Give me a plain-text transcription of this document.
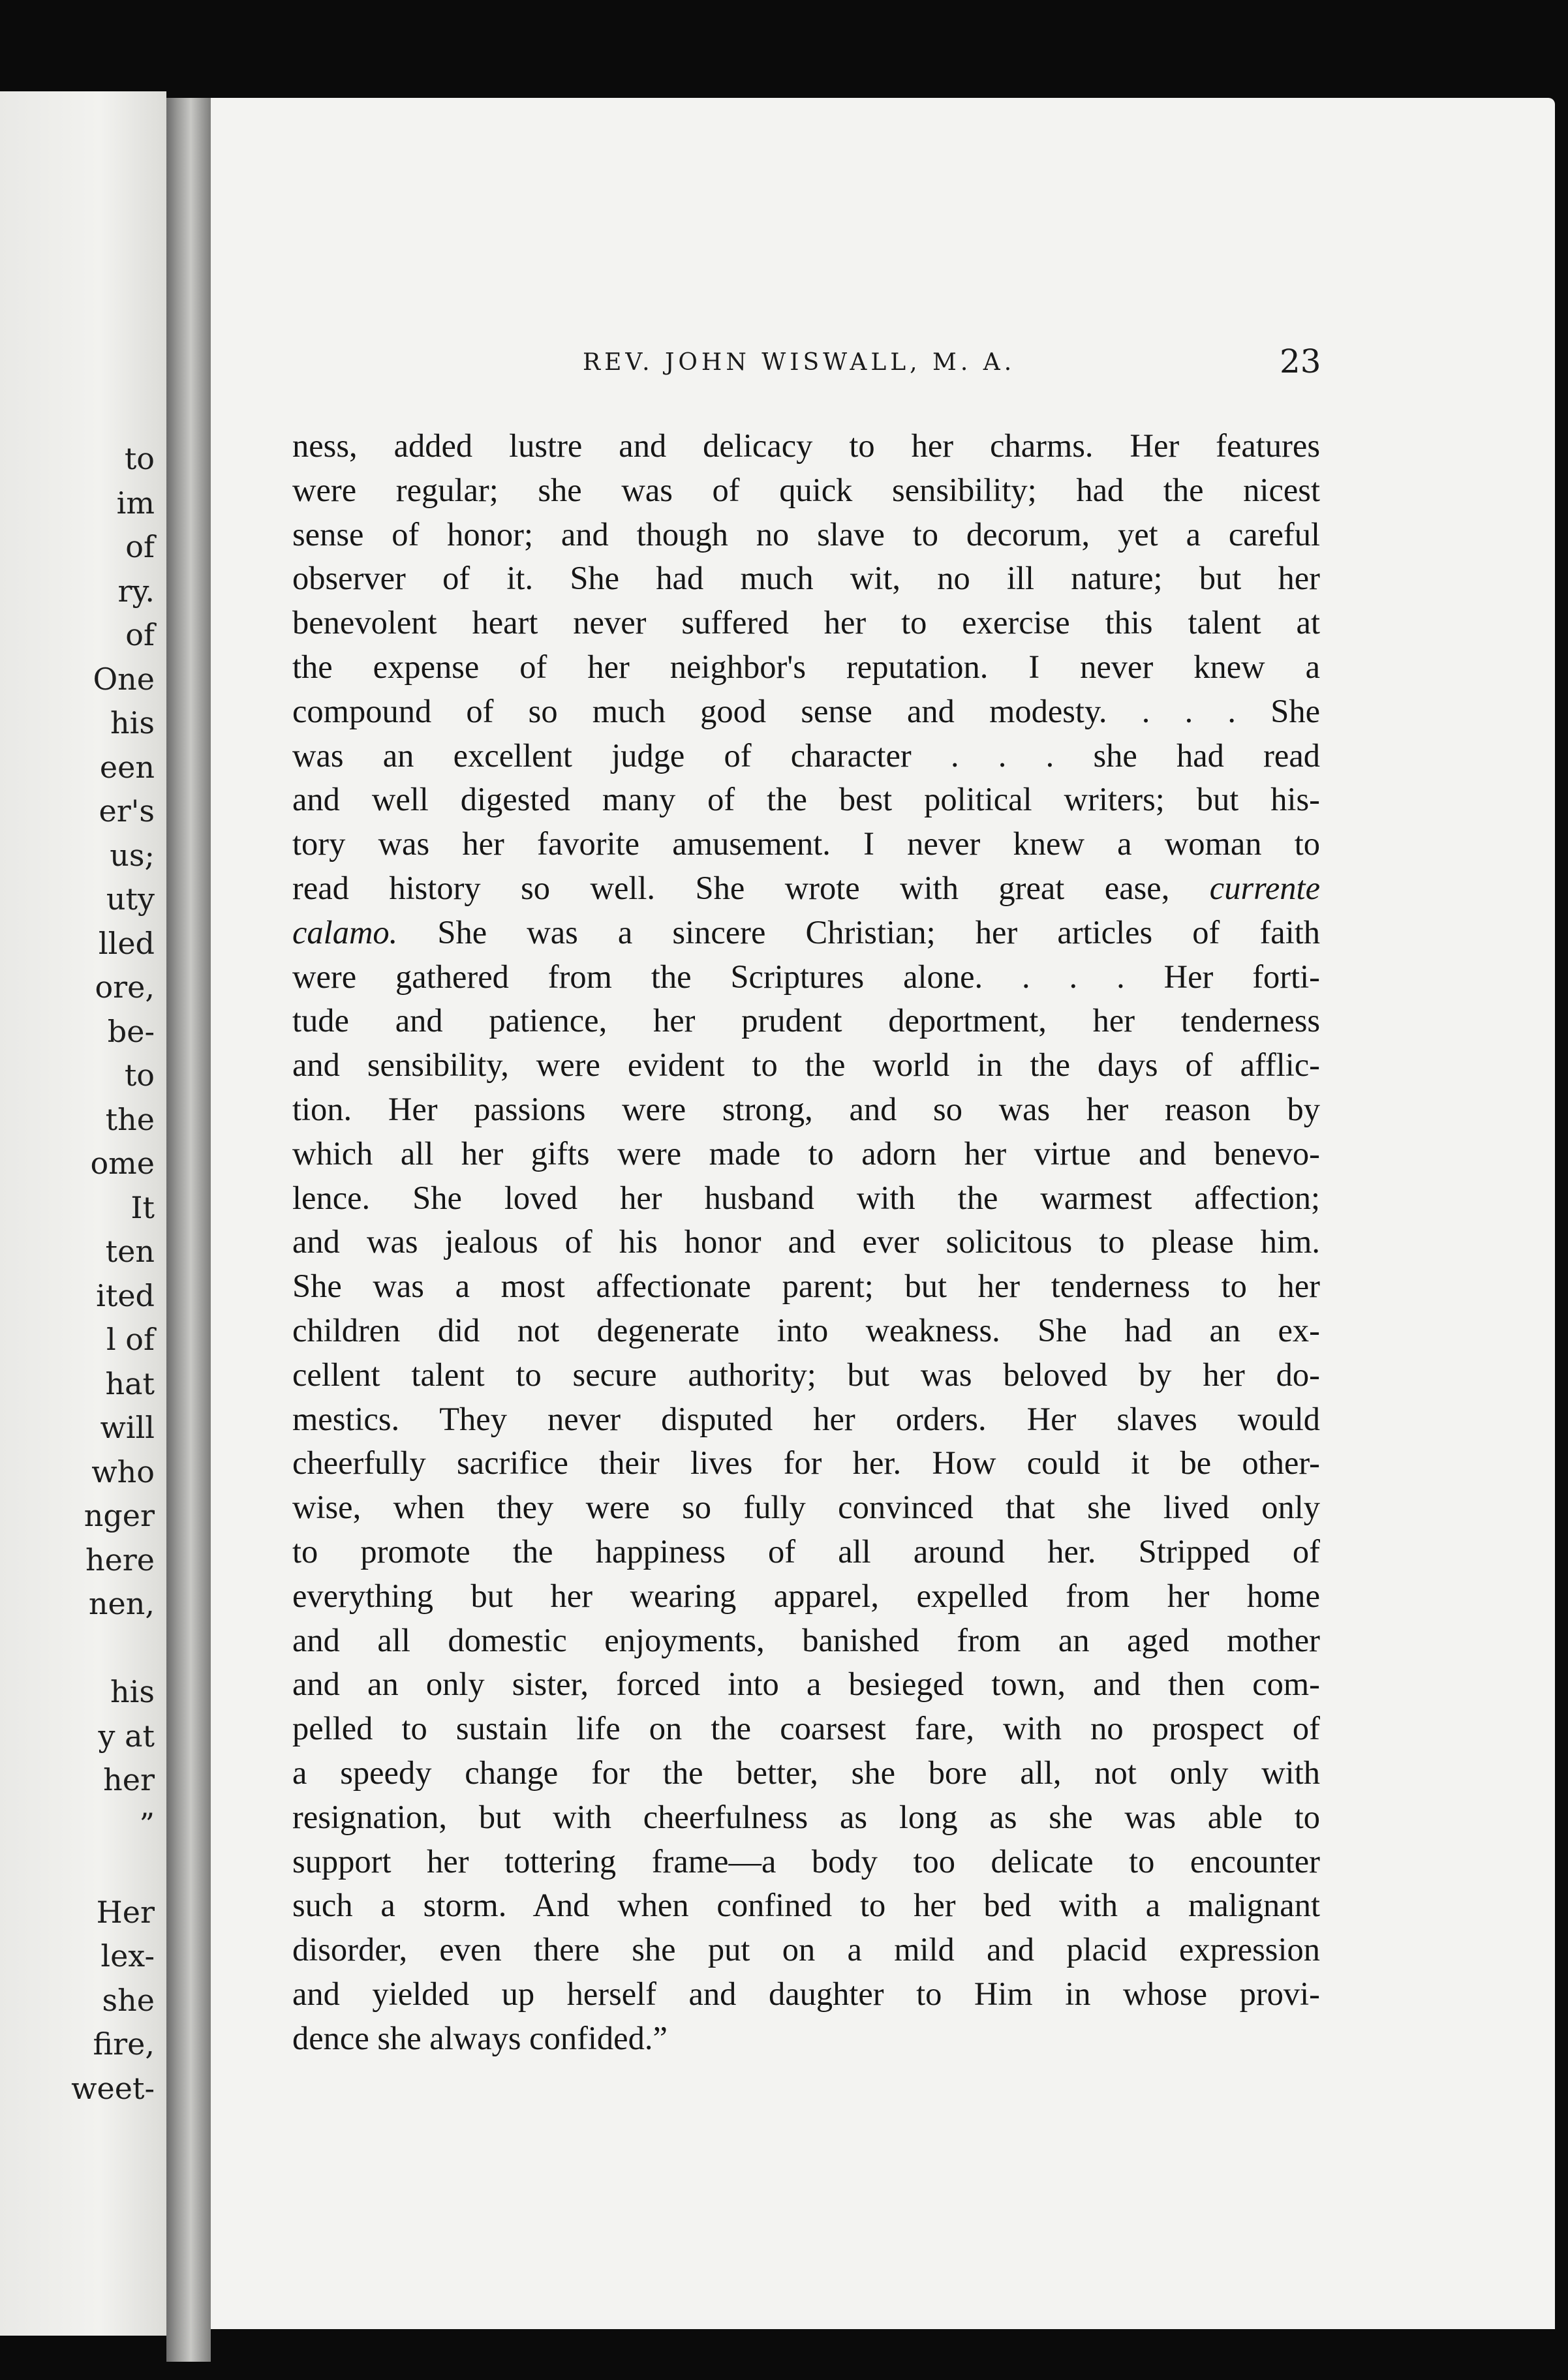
to
im
of
ry.
of
One
his
een
er's
us;
uty
lled
ore,
be-
to
the
ome
It
ten
ited
l of
hat
will
who
nger
here
nen,

his
y at
her
”

Her
lex-
she
fire,
weet-
REV. JOHN WISWALL, M. A.	23
ness, added lustre and delicacy to her charms. Her features
were regular; she was of quick sensibility; had the nicest
sense of honor; and though no slave to decorum, yet a careful
observer of it. She had much wit, no ill nature; but her
benevolent heart never suffered her to exercise this talent at
the expense of her neighbor's reputation. I never knew a
compound of so much good sense and modesty. . . . She
was an excellent judge of character . . . she had read
and well digested many of the best political writers; but his-
tory was her favorite amusement. I never knew a woman to
read history so well. She wrote with great ease, currente
calamo. She was a sincere Christian; her articles of faith
were gathered from the Scriptures alone. . . . Her forti-
tude and patience, her prudent deportment, her tenderness
and sensibility, were evident to the world in the days of afflic-
tion. Her passions were strong, and so was her reason by
which all her gifts were made to adorn her virtue and benevo-
lence. She loved her husband with the warmest affection;
and was jealous of his honor and ever solicitous to please him.
She was a most affectionate parent; but her tenderness to her
children did not degenerate into weakness. She had an ex-
cellent talent to secure authority; but was beloved by her do-
mestics. They never disputed her orders. Her slaves would
cheerfully sacrifice their lives for her. How could it be other-
wise, when they were so fully convinced that she lived only
to promote the happiness of all around her. Stripped of
everything but her wearing apparel, expelled from her home
and all domestic enjoyments, banished from an aged mother
and an only sister, forced into a besieged town, and then com-
pelled to sustain life on the coarsest fare, with no prospect of
a speedy change for the better, she bore all, not only with
resignation, but with cheerfulness as long as she was able to
support her tottering frame—a body too delicate to encounter
such a storm. And when confined to her bed with a malignant
disorder, even there she put on a mild and placid expression
and yielded up herself and daughter to Him in whose provi-
dence she always confided.”
